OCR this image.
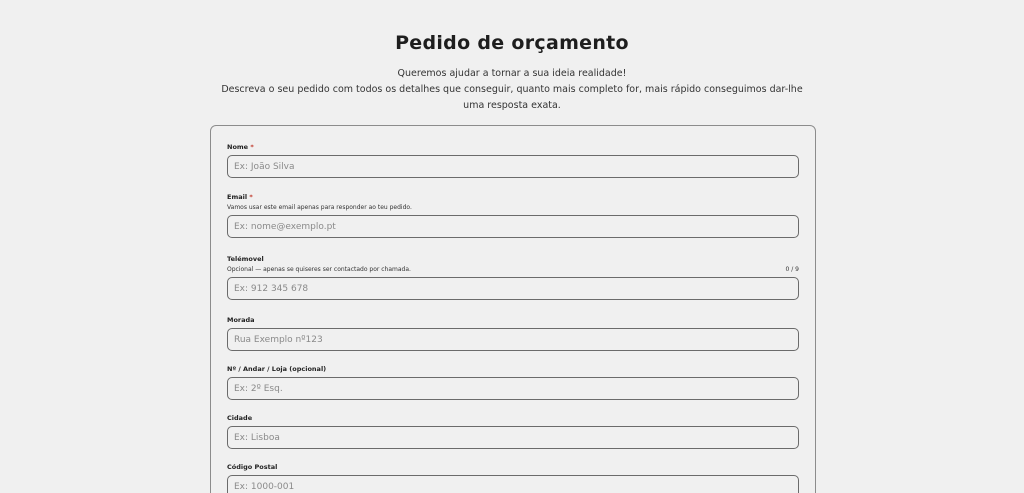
Pedido de orçamento
Queremos ajudar a tornar a sua ideia realidade!
Descreva o seu pedido com todos os detalhes que conseguir, quanto mais completo for, mais rápido conseguimos dar-lhe uma resposta exata.
Nome *
Ex: João Silva
Email *
Vamos usar este email apenas para responder ao teu pedido.
Ex: nome@exemplo.pt
Telémovel
Opcional — apenas se quiseres ser contactado por chamada.	0 / 9
Ex: 912 345 678
Morada
Rua Exemplo nº123
Nº / Andar / Loja (opcional)
Ex: 2º Esq.
Cidade
Ex: Lisboa
Código Postal
Ex: 1000-001
